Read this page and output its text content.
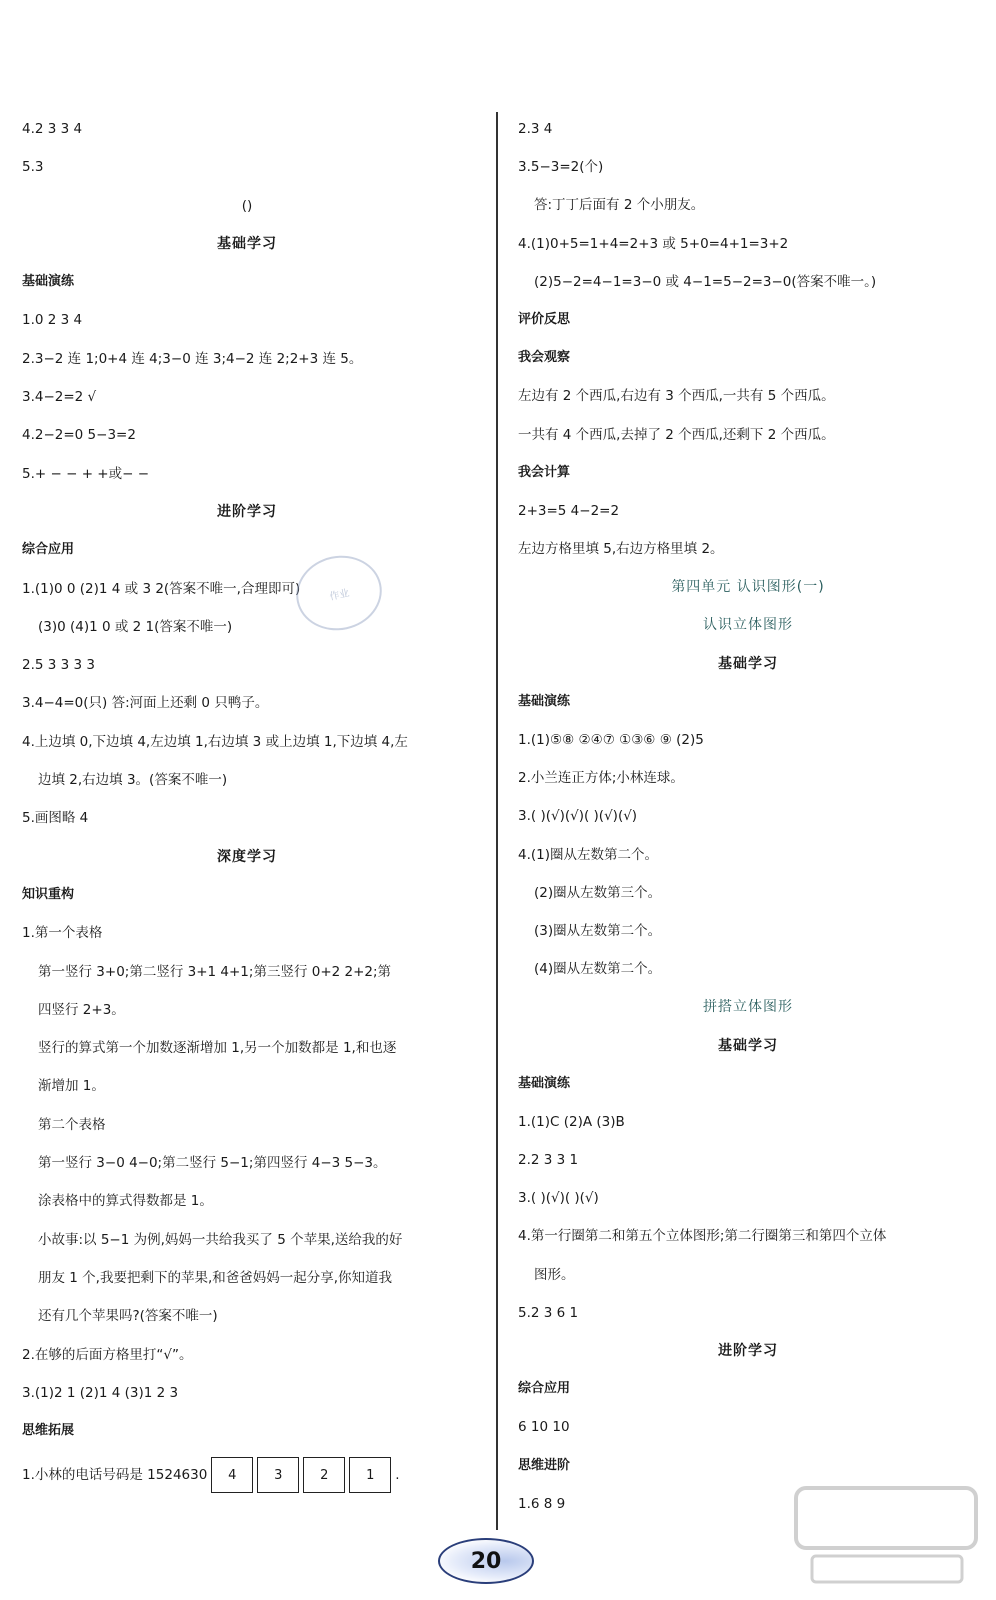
4.2 3 3 4
5.3
()
基础学习
基础演练
1.0 2 3 4
2.3−2 连 1;0+4 连 4;3−0 连 3;4−2 连 2;2+3 连 5。
3.4−2=2 √
4.2−2=0 5−3=2
5.+ − − + +或− −
进阶学习
综合应用
1.(1)0 0 (2)1 4 或 3 2(答案不唯一,合理即可)
(3)0 (4)1 0 或 2 1(答案不唯一)
2.5 3 3 3 3
3.4−4=0(只) 答:河面上还剩 0 只鸭子。
4.上边填 0,下边填 4,左边填 1,右边填 3 或上边填 1,下边填 4,左
边填 2,右边填 3。(答案不唯一)
5.画图略 4
深度学习
知识重构
1.第一个表格
第一竖行 3+0;第二竖行 3+1 4+1;第三竖行 0+2 2+2;第
四竖行 2+3。
竖行的算式第一个加数逐渐增加 1,另一个加数都是 1,和也逐
渐增加 1。
第二个表格
第一竖行 3−0 4−0;第二竖行 5−1;第四竖行 4−3 5−3。
涂表格中的算式得数都是 1。
小故事:以 5−1 为例,妈妈一共给我买了 5 个苹果,送给我的好
朋友 1 个,我要把剩下的苹果,和爸爸妈妈一起分享,你知道我
还有几个苹果吗?(答案不唯一)
2.在够的后面方格里打“√”。
3.(1)2 1 (2)1 4 (3)1 2 3
思维拓展
1.小林的电话号码是 1524630	4	3	2	1	.
2.3 4
3.5−3=2(个)
答:丁丁后面有 2 个小朋友。
4.(1)0+5=1+4=2+3 或 5+0=4+1=3+2
(2)5−2=4−1=3−0 或 4−1=5−2=3−0(答案不唯一。)
评价反思
我会观察
左边有 2 个西瓜,右边有 3 个西瓜,一共有 5 个西瓜。
一共有 4 个西瓜,去掉了 2 个西瓜,还剩下 2 个西瓜。
我会计算
2+3=5 4−2=2
左边方格里填 5,右边方格里填 2。
第四单元 认识图形(一)
认识立体图形
基础学习
基础演练
1.(1)⑤⑧ ②④⑦ ①③⑥ ⑨ (2)5
2.小兰连正方体;小林连球。
3.( )(√)(√)( )(√)(√)
4.(1)圈从左数第二个。
(2)圈从左数第三个。
(3)圈从左数第二个。
(4)圈从左数第二个。
拼搭立体图形
基础学习
基础演练
1.(1)C (2)A (3)B
2.2 3 3 1
3.( )(√)( )(√)
4.第一行圈第二和第五个立体图形;第二行圈第三和第四个立体
图形。
5.2 3 6 1
进阶学习
综合应用
6 10 10
思维进阶
1.6 8 9
作业
20
